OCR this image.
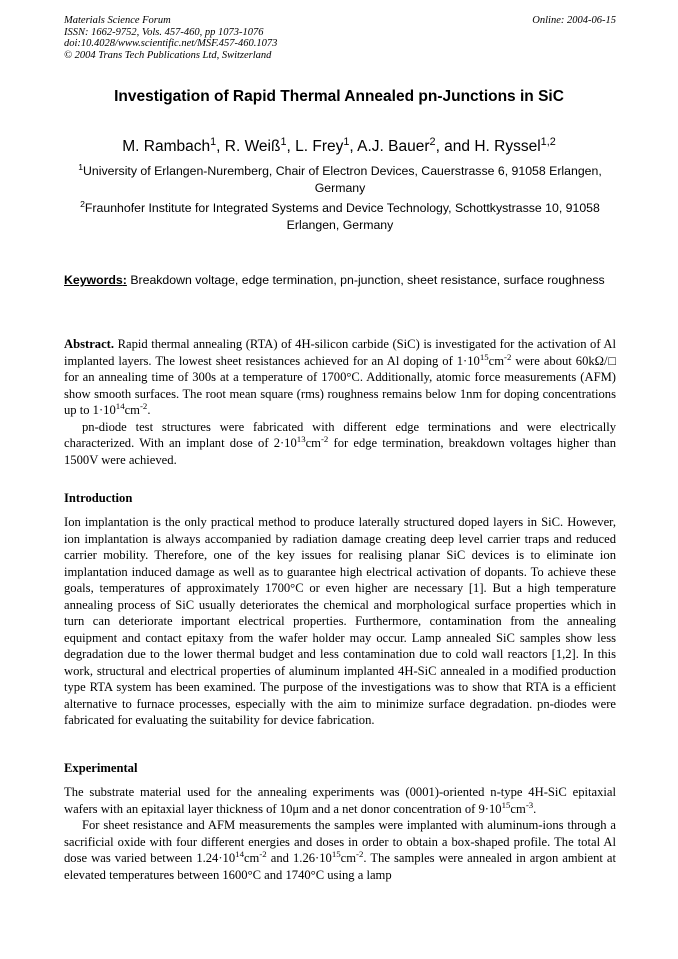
Materials Science Forum	Online: 2004-06-15
ISSN: 1662-9752, Vols. 457-460, pp 1073-1076
doi:10.4028/www.scientific.net/MSF.457-460.1073
© 2004 Trans Tech Publications Ltd, Switzerland
Investigation of Rapid Thermal Annealed pn-Junctions in SiC
M. Rambach$^1$, R. Weiß$^1$, L. Frey$^1$, A.J. Bauer$^2$, and H. Ryssel$^{1,2}$
$^1$University of Erlangen-Nuremberg, Chair of Electron Devices, Cauerstrasse 6, 91058 Erlangen, Germany
$^2$Fraunhofer Institute for Integrated Systems and Device Technology, Schottkystrasse 10, 91058 Erlangen, Germany
Keywords: Breakdown voltage, edge termination, pn-junction, sheet resistance, surface roughness

Abstract. Rapid thermal annealing (RTA) of 4H-silicon carbide (SiC) is investigated for the activation of Al implanted layers. The lowest sheet resistances achieved for an Al doping of $1\cdot 10^{15}cm^{-2}$ were about 60kΩ/□ for an annealing time of 300s at a temperature of 1700°C. Additionally, atomic force measurements (AFM) show smooth surfaces. The root mean square (rms) roughness remains below 1nm for doping concentrations up to $1\cdot 10^{14}cm^{-2}$.

pn-diode test structures were fabricated with different edge terminations and were electrically characterized. With an implant dose of $2\cdot 10^{13}cm^{-2}$ for edge termination, breakdown voltages higher than 1500V were achieved.

Introduction

Ion implantation is the only practical method to produce laterally structured doped layers in SiC. However, ion implantation is always accompanied by radiation damage creating deep level carrier traps and reduced carrier mobility. Therefore, one of the key issues for realising planar SiC devices is to eliminate ion implantation induced damage as well as to guarantee high electrical activation of dopants. To achieve these goals, temperatures of approximately 1700°C or even higher are necessary [1]. But a high temperature annealing process of SiC usually deteriorates the chemical and morphological surface properties which in turn can deteriorate important electrical properties. Furthermore, contamination from the annealing equipment and contact epitaxy from the wafer holder may occur. Lamp annealed SiC samples show less degradation due to the lower thermal budget and less contamination due to cold wall reactors [1,2]. In this work, structural and electrical properties of aluminum implanted 4H-SiC annealed in a modified production type RTA system has been examined. The purpose of the investigations was to show that RTA is a efficient alternative to furnace processes, especially with the aim to minimize surface degradation. pn-diodes were fabricated for evaluating the suitability for device fabrication.

Experimental

The substrate material used for the annealing experiments was (0001)-oriented n-type 4H-SiC epitaxial wafers with an epitaxial layer thickness of 10μm and a net donor concentration of $9\cdot 10^{15}cm^{-3}$.

For sheet resistance and AFM measurements the samples were implanted with aluminum-ions through a sacrificial oxide with four different energies and doses in order to obtain a box-shaped profile. The total Al dose was varied between $1.24\cdot 10^{14}cm^{-2}$ and $1.26\cdot 10^{15}cm^{-2}$. The samples were annealed in argon ambient at elevated temperatures between 1600°C and 1740°C using a lamp
